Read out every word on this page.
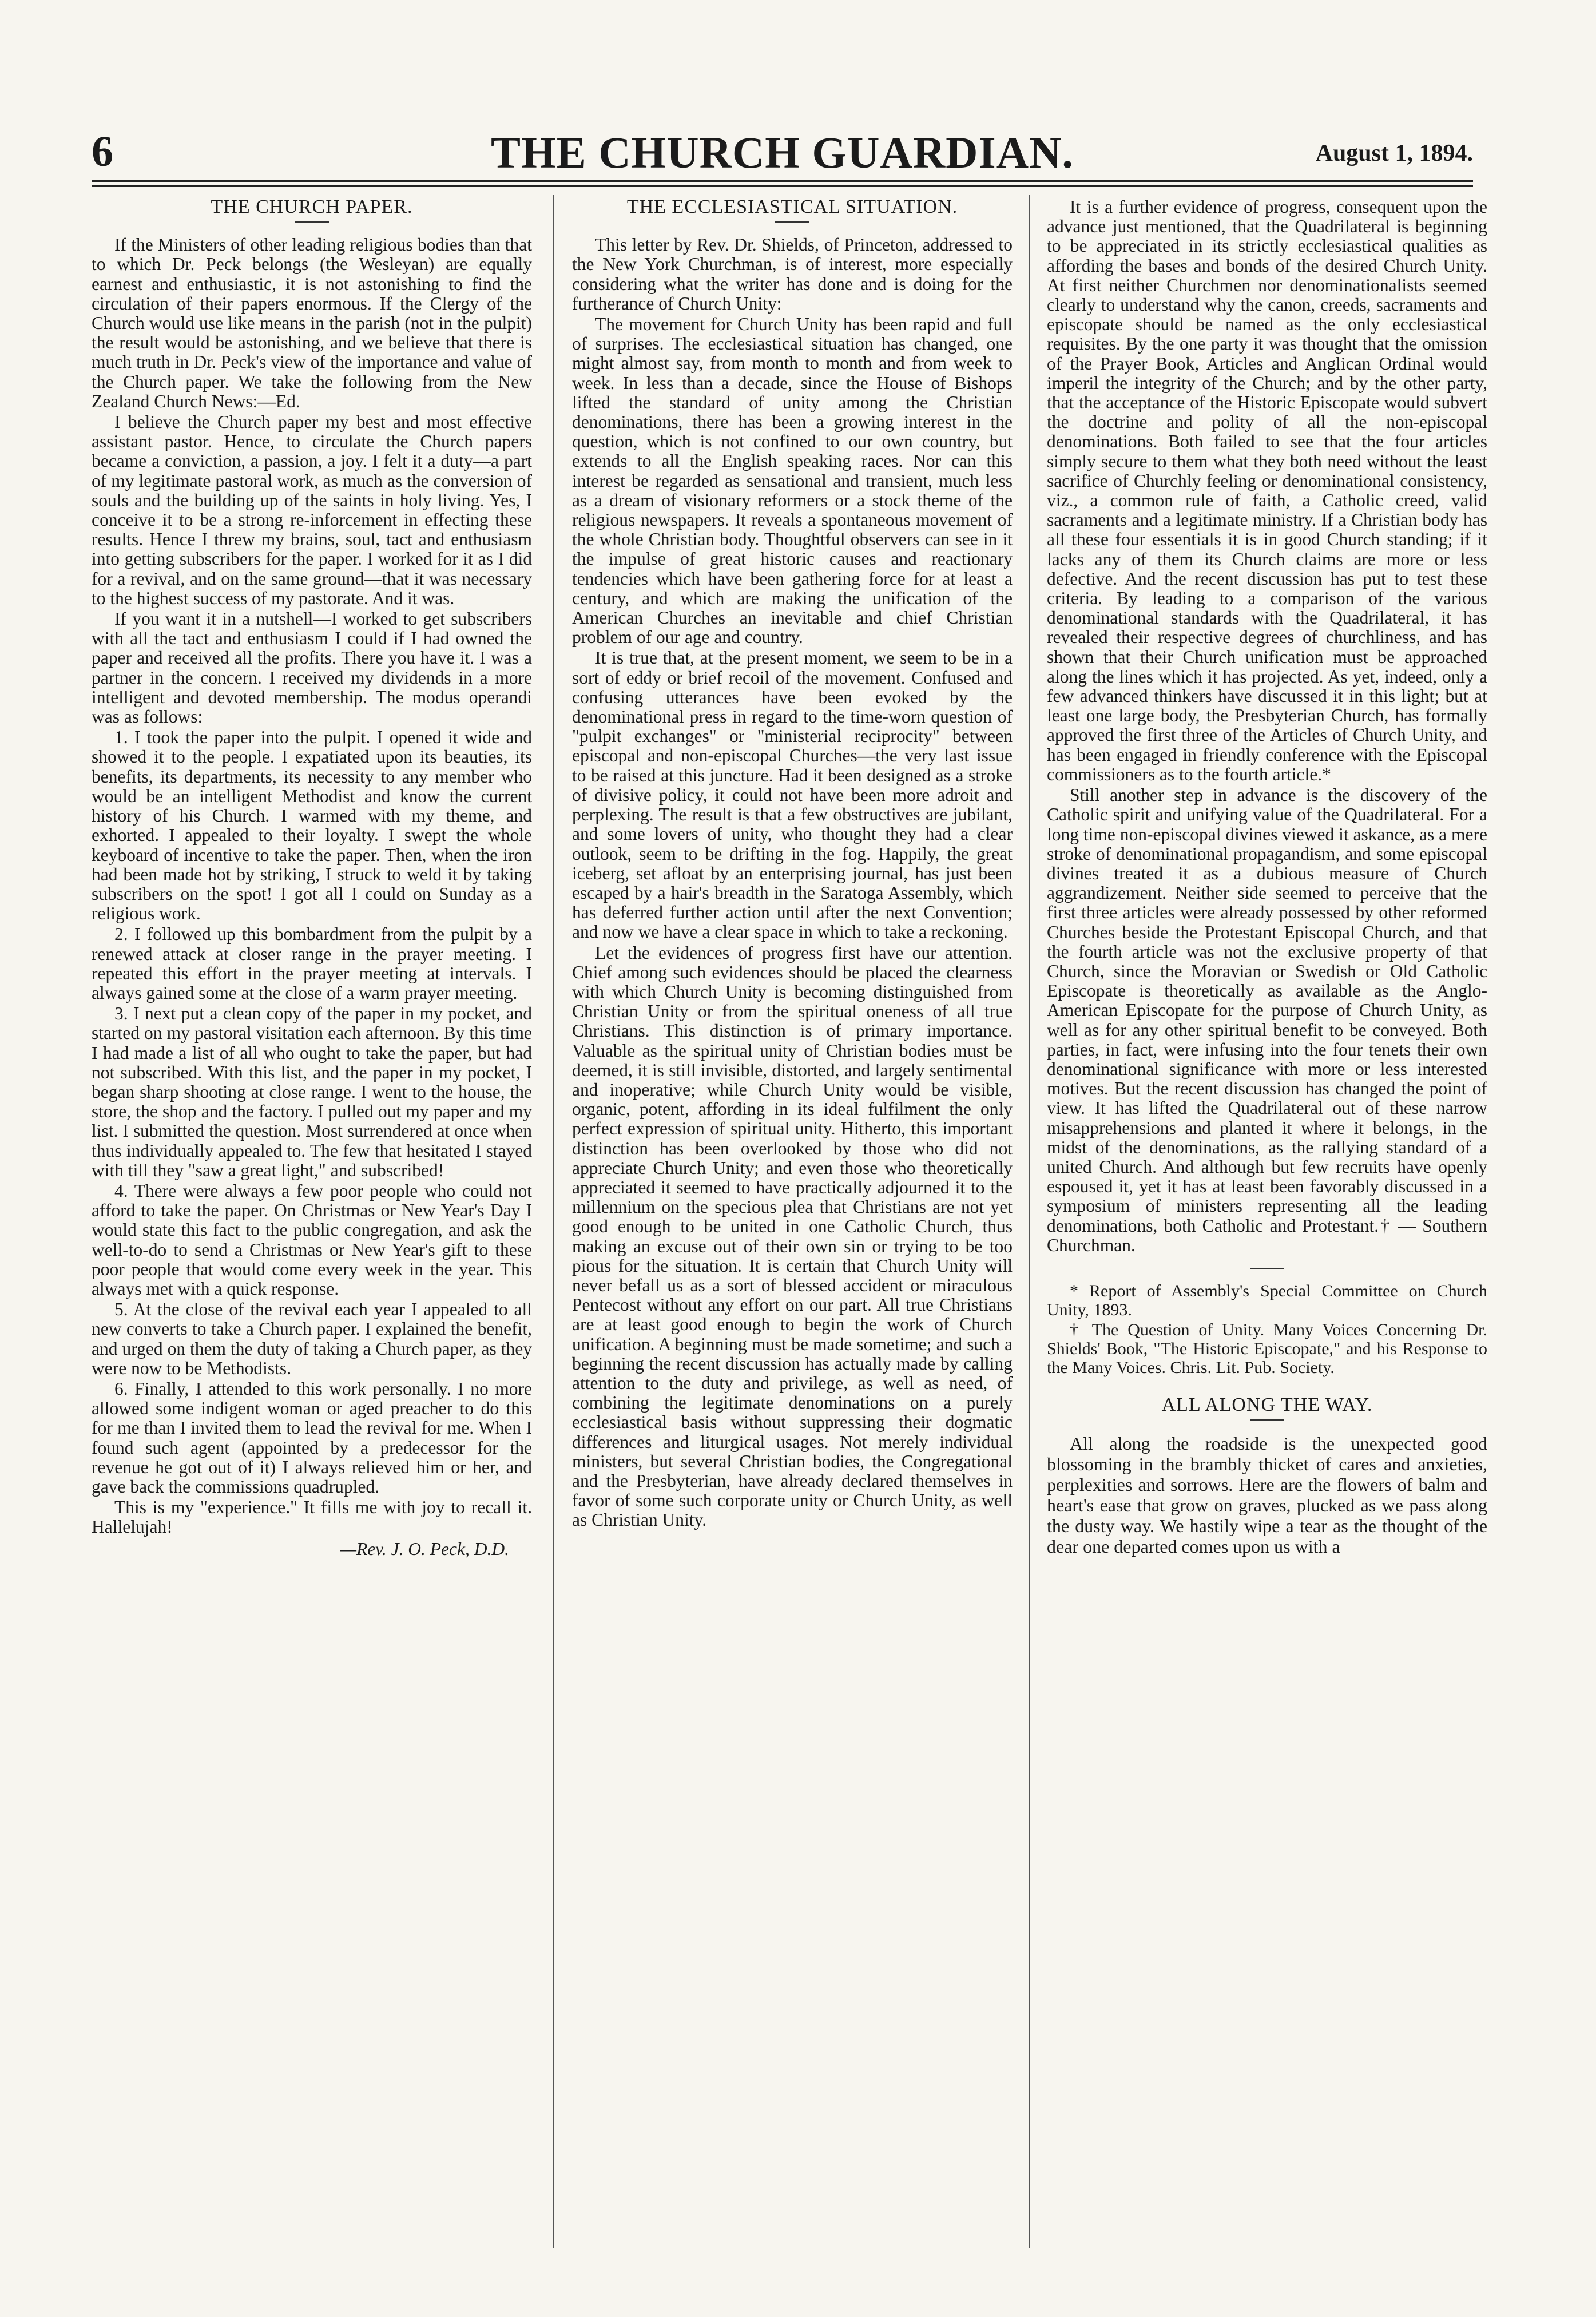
6	THE CHURCH GUARDIAN.	August 1, 1894.
THE CHURCH PAPER.

If the Ministers of other leading religious bodies than that to which Dr. Peck belongs (the Wesleyan) are equally earnest and enthusiastic, it is not astonishing to find the circulation of their papers enormous. If the Clergy of the Church would use like means in the parish (not in the pulpit) the result would be astonishing, and we believe that there is much truth in Dr. Peck's view of the importance and value of the Church paper. We take the following from the New Zealand Church News:—Ed.

I believe the Church paper my best and most effective assistant pastor. Hence, to circulate the Church papers became a conviction, a passion, a joy. I felt it a duty—a part of my legitimate pastoral work, as much as the conversion of souls and the building up of the saints in holy living. Yes, I conceive it to be a strong re-inforcement in effecting these results. Hence I threw my brains, soul, tact and enthusiasm into getting subscribers for the paper. I worked for it as I did for a revival, and on the same ground—that it was necessary to the highest success of my pastorate. And it was.

If you want it in a nutshell—I worked to get subscribers with all the tact and enthusiasm I could if I had owned the paper and received all the profits. There you have it. I was a partner in the concern. I received my dividends in a more intelligent and devoted membership. The modus operandi was as follows:

1. I took the paper into the pulpit. I opened it wide and showed it to the people. I expatiated upon its beauties, its benefits, its departments, its necessity to any member who would be an intelligent Methodist and know the current history of his Church. I warmed with my theme, and exhorted. I appealed to their loyalty. I swept the whole keyboard of incentive to take the paper. Then, when the iron had been made hot by striking, I struck to weld it by taking subscribers on the spot! I got all I could on Sunday as a religious work.

2. I followed up this bombardment from the pulpit by a renewed attack at closer range in the prayer meeting. I repeated this effort in the prayer meeting at intervals. I always gained some at the close of a warm prayer meeting.

3. I next put a clean copy of the paper in my pocket, and started on my pastoral visitation each afternoon. By this time I had made a list of all who ought to take the paper, but had not subscribed. With this list, and the paper in my pocket, I began sharp shooting at close range. I went to the house, the store, the shop and the factory. I pulled out my paper and my list. I submitted the question. Most surrendered at once when thus individually appealed to. The few that hesitated I stayed with till they "saw a great light," and subscribed!

4. There were always a few poor people who could not afford to take the paper. On Christmas or New Year's Day I would state this fact to the public congregation, and ask the well-to-do to send a Christmas or New Year's gift to these poor people that would come every week in the year. This always met with a quick response.

5. At the close of the revival each year I appealed to all new converts to take a Church paper. I explained the benefit, and urged on them the duty of taking a Church paper, as they were now to be Methodists.

6. Finally, I attended to this work personally. I no more allowed some indigent woman or aged preacher to do this for me than I invited them to lead the revival for me. When I found such agent (appointed by a predecessor for the revenue he got out of it) I always relieved him or her, and gave back the commissions quadrupled.

This is my "experience." It fills me with joy to recall it. Hallelujah!

—Rev. J. O. Peck, D.D.
THE ECCLESIASTICAL SITUATION.

This letter by Rev. Dr. Shields, of Princeton, addressed to the New York Churchman, is of interest, more especially considering what the writer has done and is doing for the furtherance of Church Unity:

The movement for Church Unity has been rapid and full of surprises. The ecclesiastical situation has changed, one might almost say, from month to month and from week to week. In less than a decade, since the House of Bishops lifted the standard of unity among the Christian denominations, there has been a growing interest in the question, which is not confined to our own country, but extends to all the English speaking races. Nor can this interest be regarded as sensational and transient, much less as a dream of visionary reformers or a stock theme of the religious newspapers. It reveals a spontaneous movement of the whole Christian body. Thoughtful observers can see in it the impulse of great historic causes and reactionary tendencies which have been gathering force for at least a century, and which are making the unification of the American Churches an inevitable and chief Christian problem of our age and country.

It is true that, at the present moment, we seem to be in a sort of eddy or brief recoil of the movement. Confused and confusing utterances have been evoked by the denominational press in regard to the time-worn question of "pulpit exchanges" or "ministerial reciprocity" between episcopal and non-episcopal Churches—the very last issue to be raised at this juncture. Had it been designed as a stroke of divisive policy, it could not have been more adroit and perplexing. The result is that a few obstructives are jubilant, and some lovers of unity, who thought they had a clear outlook, seem to be drifting in the fog. Happily, the great iceberg, set afloat by an enterprising journal, has just been escaped by a hair's breadth in the Saratoga Assembly, which has deferred further action until after the next Convention; and now we have a clear space in which to take a reckoning.

Let the evidences of progress first have our attention. Chief among such evidences should be placed the clearness with which Church Unity is becoming distinguished from Christian Unity or from the spiritual oneness of all true Christians. This distinction is of primary importance. Valuable as the spiritual unity of Christian bodies must be deemed, it is still invisible, distorted, and largely sentimental and inoperative; while Church Unity would be visible, organic, potent, affording in its ideal fulfilment the only perfect expression of spiritual unity. Hitherto, this important distinction has been overlooked by those who did not appreciate Church Unity; and even those who theoretically appreciated it seemed to have practically adjourned it to the millennium on the specious plea that Christians are not yet good enough to be united in one Catholic Church, thus making an excuse out of their own sin or trying to be too pious for the situation. It is certain that Church Unity will never befall us as a sort of blessed accident or miraculous Pentecost without any effort on our part. All true Christians are at least good enough to begin the work of Church unification. A beginning must be made sometime; and such a beginning the recent discussion has actually made by calling attention to the duty and privilege, as well as need, of combining the legitimate denominations on a purely ecclesiastical basis without suppressing their dogmatic differences and liturgical usages. Not merely individual ministers, but several Christian bodies, the Congregational and the Presbyterian, have already declared themselves in favor of some such corporate unity or Church Unity, as well as Christian Unity.

It is a further evidence of progress, consequent upon the advance just mentioned, that the Quadrilateral is beginning to be appreciated in its strictly ecclesiastical qualities as affording the bases and bonds of the desired Church Unity. At first neither Churchmen nor denominationalists seemed clearly to understand why the canon, creeds, sacraments and episcopate should be named as the only ecclesiastical requisites. By the one party it was thought that the omission of the Prayer Book, Articles and Anglican Ordinal would imperil the integrity of the Church; and by the other party, that the acceptance of the Historic Episcopate would subvert the doctrine and polity of all the non-episcopal denominations. Both failed to see that the four articles simply secure to them what they both need without the least sacrifice of Churchly feeling or denominational consistency, viz., a common rule of faith, a Catholic creed, valid sacraments and a legitimate ministry. If a Christian body has all these four essentials it is in good Church standing; if it lacks any of them its Church claims are more or less defective. And the recent discussion has put to test these criteria. By leading to a comparison of the various denominational standards with the Quadrilateral, it has revealed their respective degrees of churchliness, and has shown that their Church unification must be approached along the lines which it has projected. As yet, indeed, only a few advanced thinkers have discussed it in this light; but at least one large body, the Presbyterian Church, has formally approved the first three of the Articles of Church Unity, and has been engaged in friendly conference with the Episcopal commissioners as to the fourth article.*

Still another step in advance is the discovery of the Catholic spirit and unifying value of the Quadrilateral. For a long time non-episcopal divines viewed it askance, as a mere stroke of denominational propagandism, and some episcopal divines treated it as a dubious measure of Church aggrandizement. Neither side seemed to perceive that the first three articles were already possessed by other reformed Churches beside the Protestant Episcopal Church, and that the fourth article was not the exclusive property of that Church, since the Moravian or Swedish or Old Catholic Episcopate is theoretically as available as the Anglo-American Episcopate for the purpose of Church Unity, as well as for any other spiritual benefit to be conveyed. Both parties, in fact, were infusing into the four tenets their own denominational significance with more or less interested motives. But the recent discussion has changed the point of view. It has lifted the Quadrilateral out of these narrow misapprehensions and planted it where it belongs, in the midst of the denominations, as the rallying standard of a united Church. And although but few recruits have openly espoused it, yet it has at least been favorably discussed in a symposium of ministers representing all the leading denominations, both Catholic and Protestant.† — Southern Churchman.

* Report of Assembly's Special Committee on Church Unity, 1893.

† The Question of Unity. Many Voices Concerning Dr. Shields' Book, "The Historic Episcopate," and his Response to the Many Voices. Chris. Lit. Pub. Society.

ALL ALONG THE WAY.

All along the roadside is the unexpected good blossoming in the brambly thicket of cares and anxieties, perplexities and sorrows. Here are the flowers of balm and heart's ease that grow on graves, plucked as we pass along the dusty way. We hastily wipe a tear as the thought of the dear one departed comes upon us with a
